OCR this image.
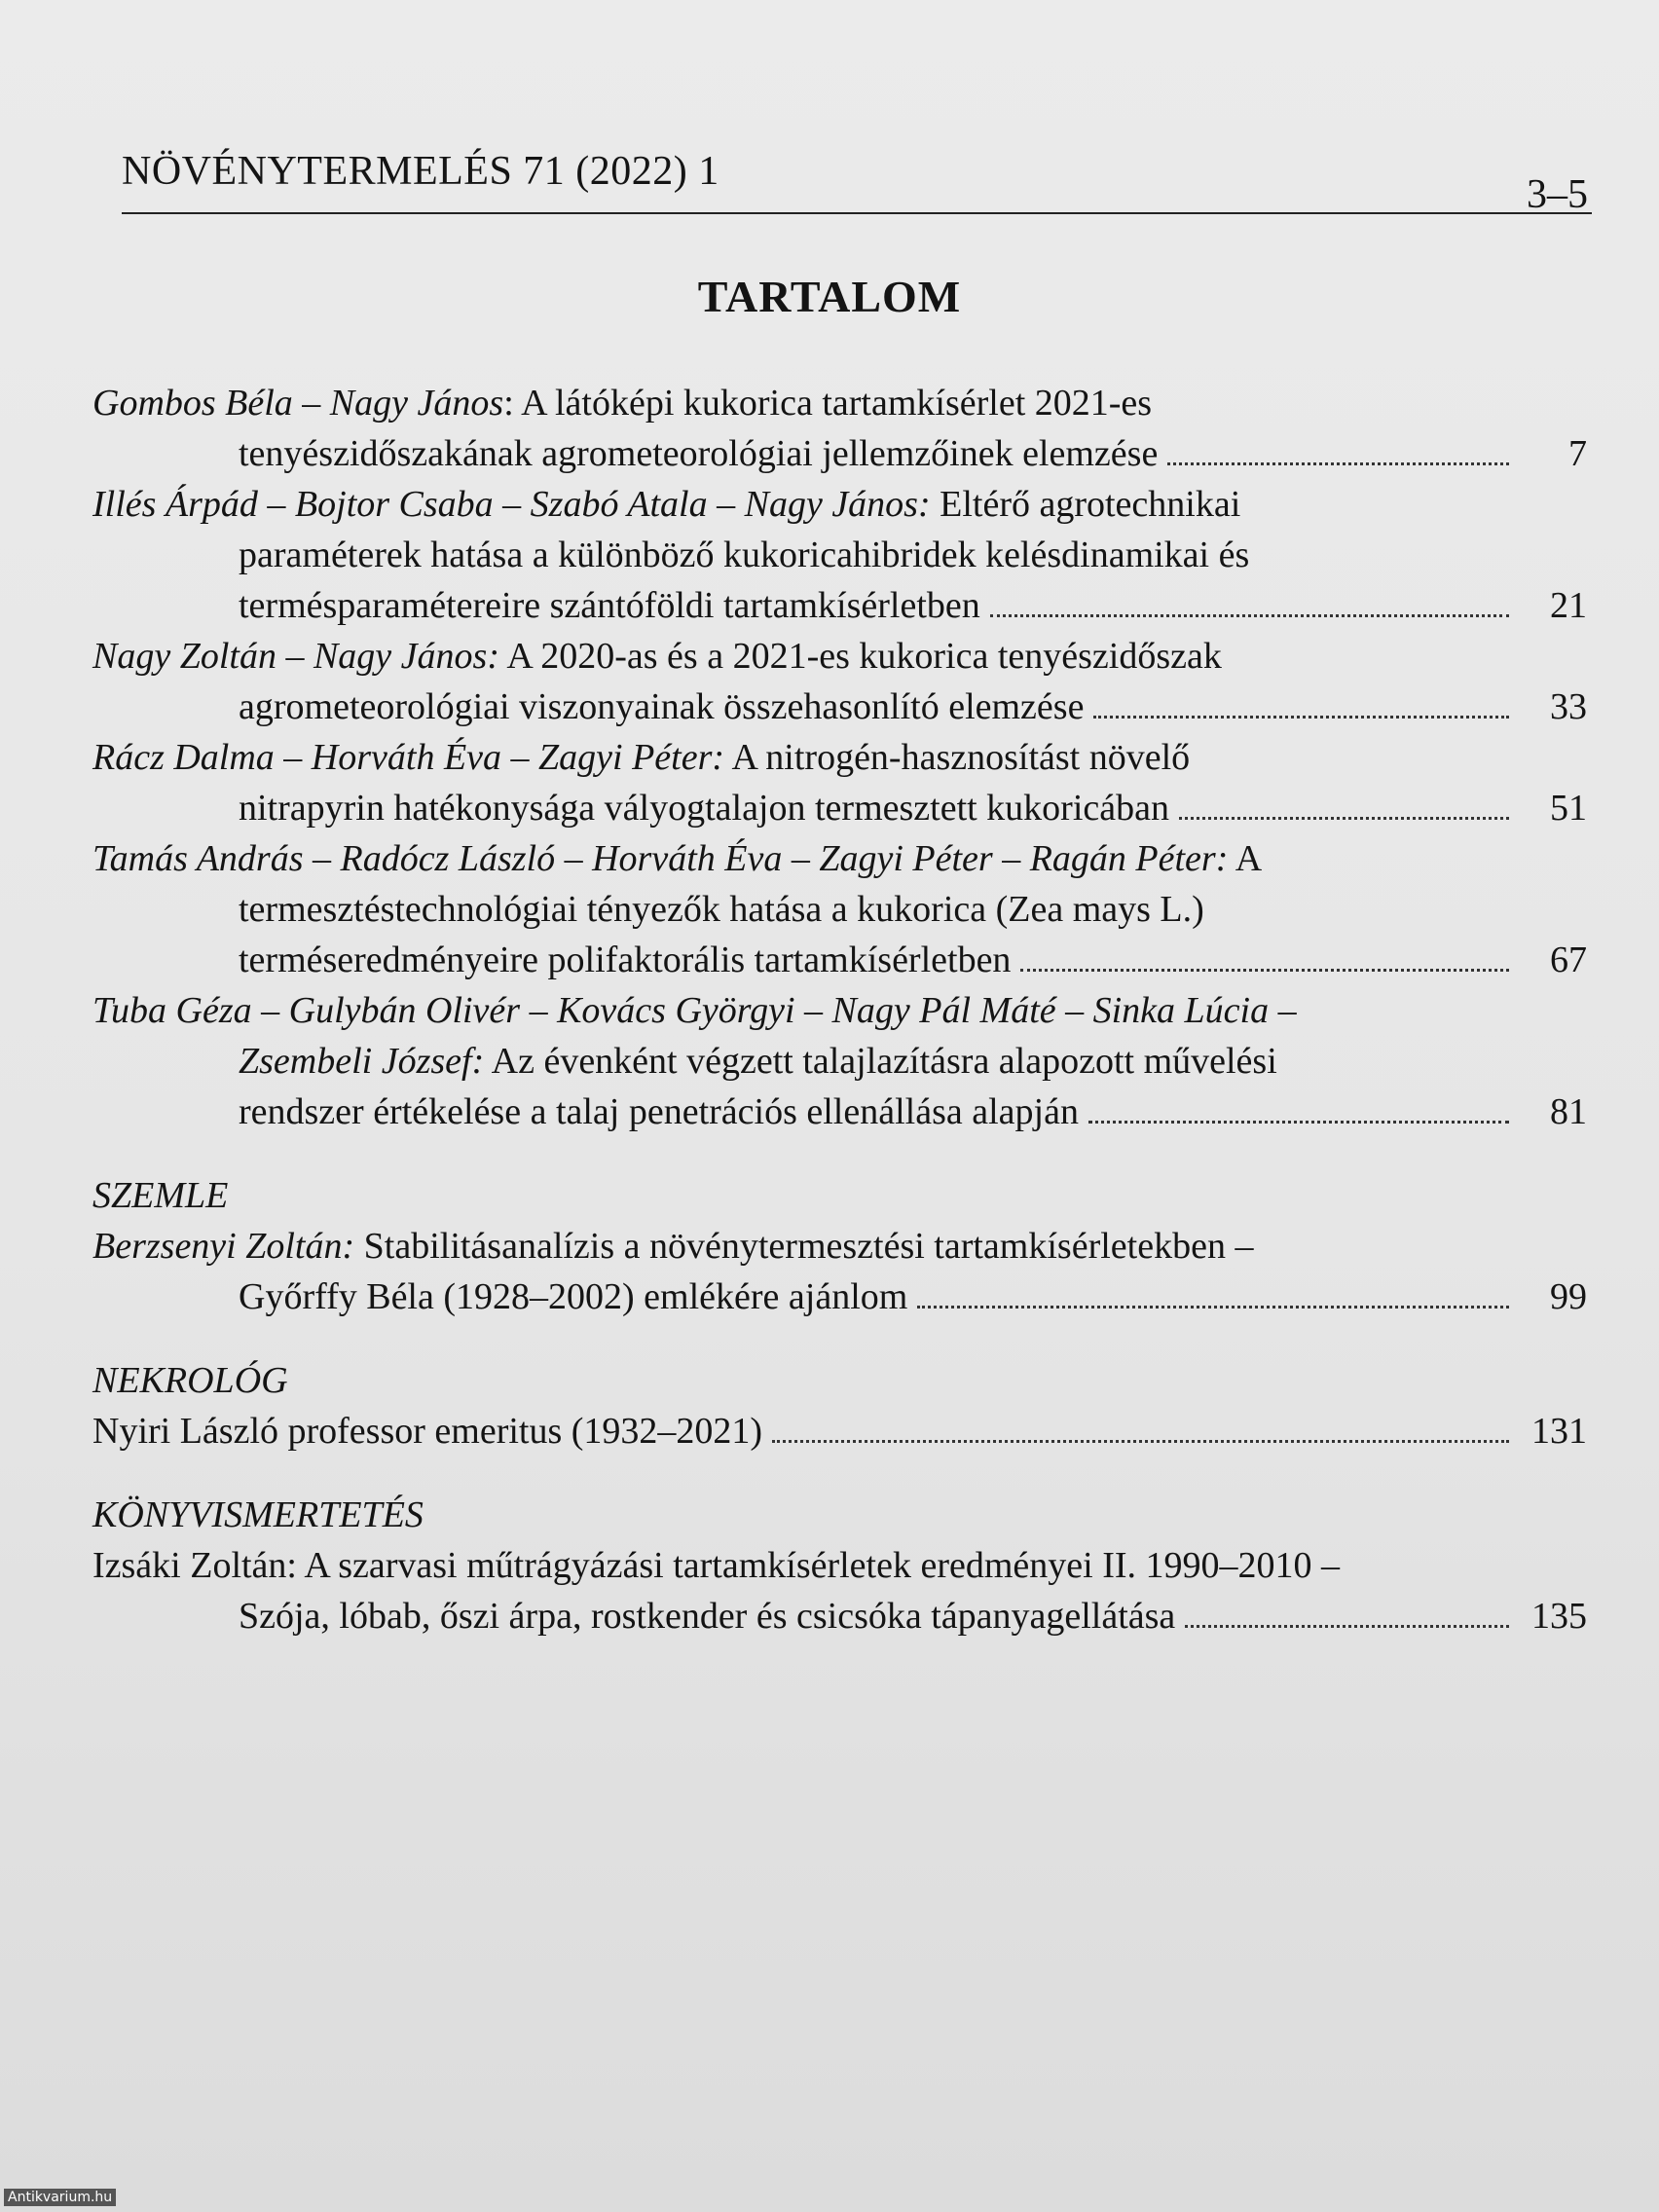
NÖVÉNYTERMELÉS 71 (2022) 1
3–5
TARTALOM
Gombos Béla – Nagy János: A látóképi kukorica tartamkísérlet 2021-es
tenyészidőszakának agrometeorológiai jellemzőinek elemzése	7
Illés Árpád – Bojtor Csaba – Szabó Atala – Nagy János: Eltérő agrotechnikai
paraméterek hatása a különböző kukoricahibridek kelésdinamikai és
termésparamétereire szántóföldi tartamkísérletben	21
Nagy Zoltán – Nagy János: A 2020-as és a 2021-es kukorica tenyészidőszak
agrometeorológiai viszonyainak összehasonlító elemzése	33
Rácz Dalma – Horváth Éva – Zagyi Péter: A nitrogén-hasznosítást növelő
nitrapyrin hatékonysága vályogtalajon termesztett kukoricában	51
Tamás András – Radócz László – Horváth Éva – Zagyi Péter – Ragán Péter: A
termesztéstechnológiai tényezők hatása a kukorica (Zea mays L.)
terméseredményeire polifaktorális tartamkísérletben	67
Tuba Géza – Gulybán Olivér – Kovács Györgyi – Nagy Pál Máté – Sinka Lúcia –
Zsembeli József: Az évenként végzett talajlazításra alapozott művelési
rendszer értékelése a talaj penetrációs ellenállása alapján	81
SZEMLE
Berzsenyi Zoltán: Stabilitásanalízis a növénytermesztési tartamkísérletekben –
Győrffy Béla (1928–2002) emlékére ajánlom	99
NEKROLÓG
Nyiri László professor emeritus (1932–2021)	131
KÖNYVISMERTETÉS
Izsáki Zoltán: A szarvasi műtrágyázási tartamkísérletek eredményei II. 1990–2010 –
Szója, lóbab, őszi árpa, rostkender és csicsóka tápanyagellátása	135
Antikvarium.hu
